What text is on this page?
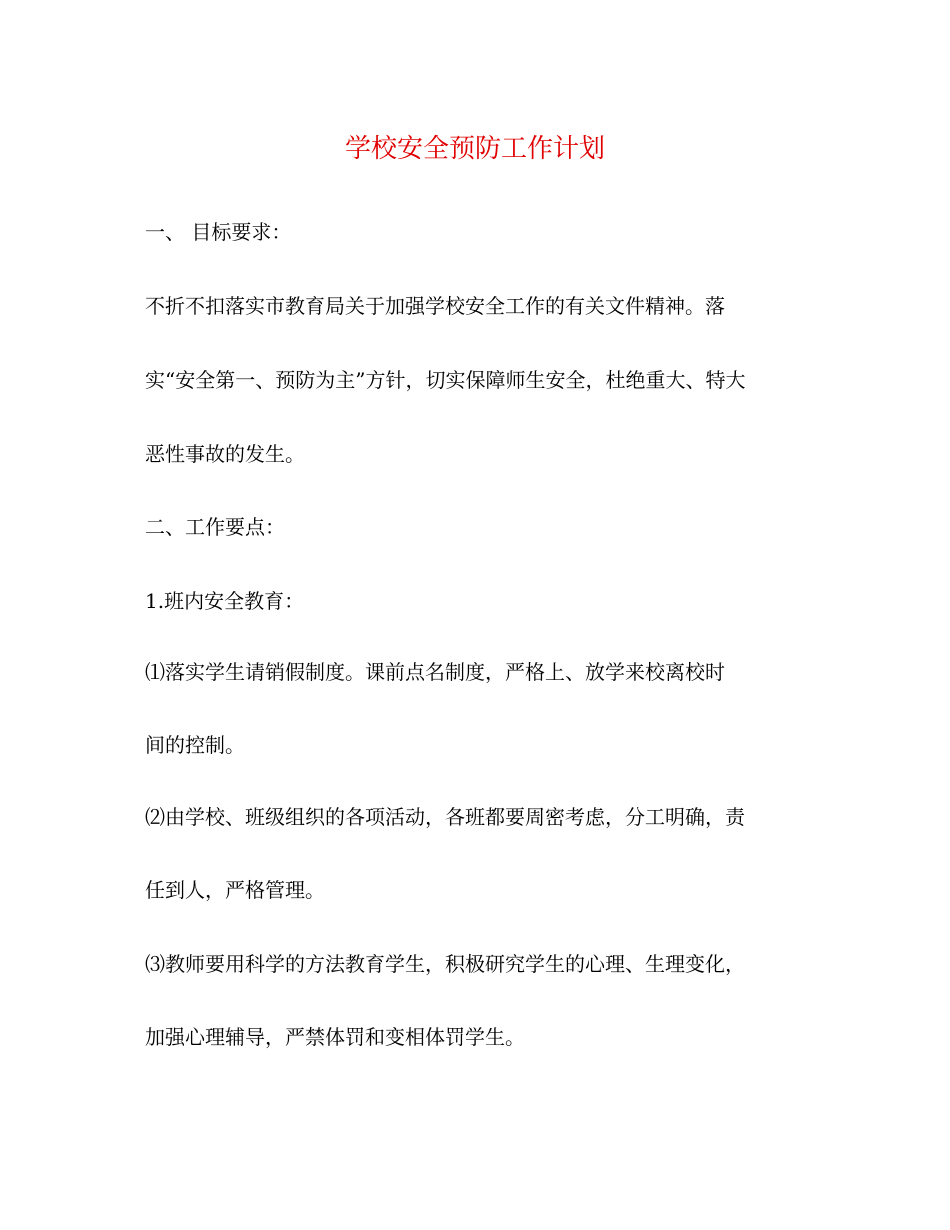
学校安全预防工作计划

一、 目标要求：

不折不扣落实市教育局关于加强学校安全工作的有关文件精神。落

实“安全第一、预防为主”方针，切实保障师生安全，杜绝重大、特大

恶性事故的发生。

二、工作要点：

1.班内安全教育：

⑴落实学生请销假制度。课前点名制度，严格上、放学来校离校时

间的控制。

⑵由学校、班级组织的各项活动，各班都要周密考虑，分工明确，责

任到人，严格管理。

⑶教师要用科学的方法教育学生，积极研究学生的心理、生理变化，

加强心理辅导，严禁体罚和变相体罚学生。
